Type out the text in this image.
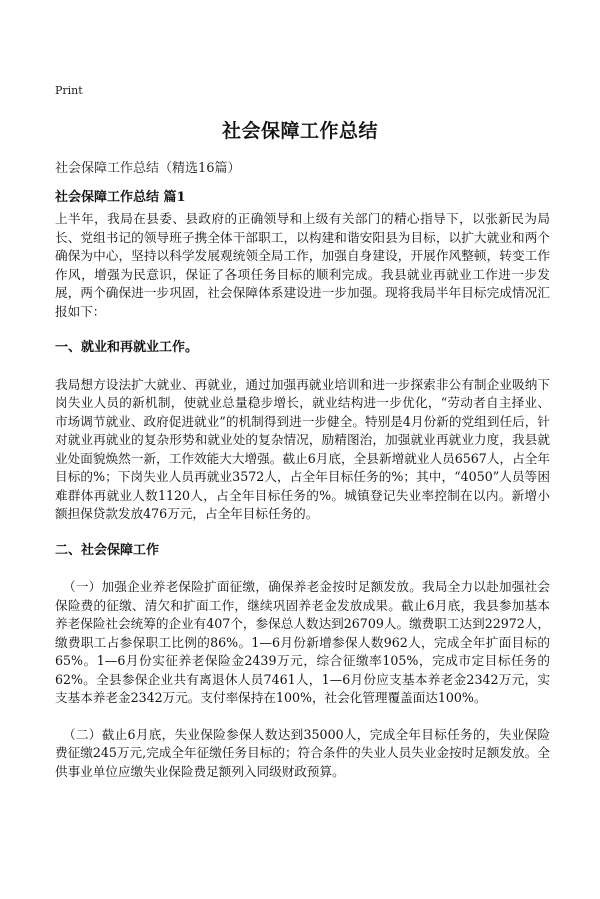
Print
社会保障工作总结
社会保障工作总结（精选16篇）
社会保障工作总结 篇1

上半年，我局在县委、县政府的正确领导和上级有关部门的精心指导下，以张新民为局长、党组书记的领导班子携全体干部职工，以构建和谐安阳县为目标，以扩大就业和两个确保为中心，坚持以科学发展观统领全局工作，加强自身建设，开展作风整顿，转变工作作风，增强为民意识，保证了各项任务目标的顺利完成。我县就业再就业工作进一步发展，两个确保进一步巩固，社会保障体系建设进一步加强。现将我局半年目标完成情况汇报如下：

一、就业和再就业工作。

我局想方设法扩大就业、再就业，通过加强再就业培训和进一步探索非公有制企业吸纳下岗失业人员的新机制，使就业总量稳步增长，就业结构进一步优化，“劳动者自主择业、市场调节就业、政府促进就业”的机制得到进一步健全。特别是4月份新的党组到任后，针对就业再就业的复杂形势和就业处的复杂情况，励精图治，加强就业再就业力度，我县就业处面貌焕然一新，工作效能大大增强。截止6月底，全县新增就业人员6567人，占全年目标的%；下岗失业人员再就业3572人，占全年目标任务的%；其中，“4050”人员等困难群体再就业人数1120人，占全年目标任务的%。城镇登记失业率控制在以内。新增小额担保贷款发放476万元，占全年目标任务的。

二、社会保障工作

（一）加强企业养老保险扩面征缴，确保养老金按时足额发放。我局全力以赴加强社会保险费的征缴、清欠和扩面工作，继续巩固养老金发放成果。截止6月底，我县参加基本养老保险社会统筹的企业有407个，参保总人数达到26709人。缴费职工达到22972人，缴费职工占参保职工比例的86%。1—6月份新增参保人数962人，完成全年扩面目标的65%。1—6月份实征养老保险金2439万元，综合征缴率105%，完成市定目标任务的62%。全县参保企业共有离退休人员7461人，1—6月份应支基本养老金2342万元，实支基本养老金2342万元。支付率保持在100%，社会化管理覆盖面达100%。

（二）截止6月底，失业保险参保人数达到35000人，完成全年目标任务的，失业保险费征缴245万元,完成全年征缴任务目标的；符合条件的失业人员失业金按时足额发放。全供事业单位应缴失业保险费足额列入同级财政预算。
